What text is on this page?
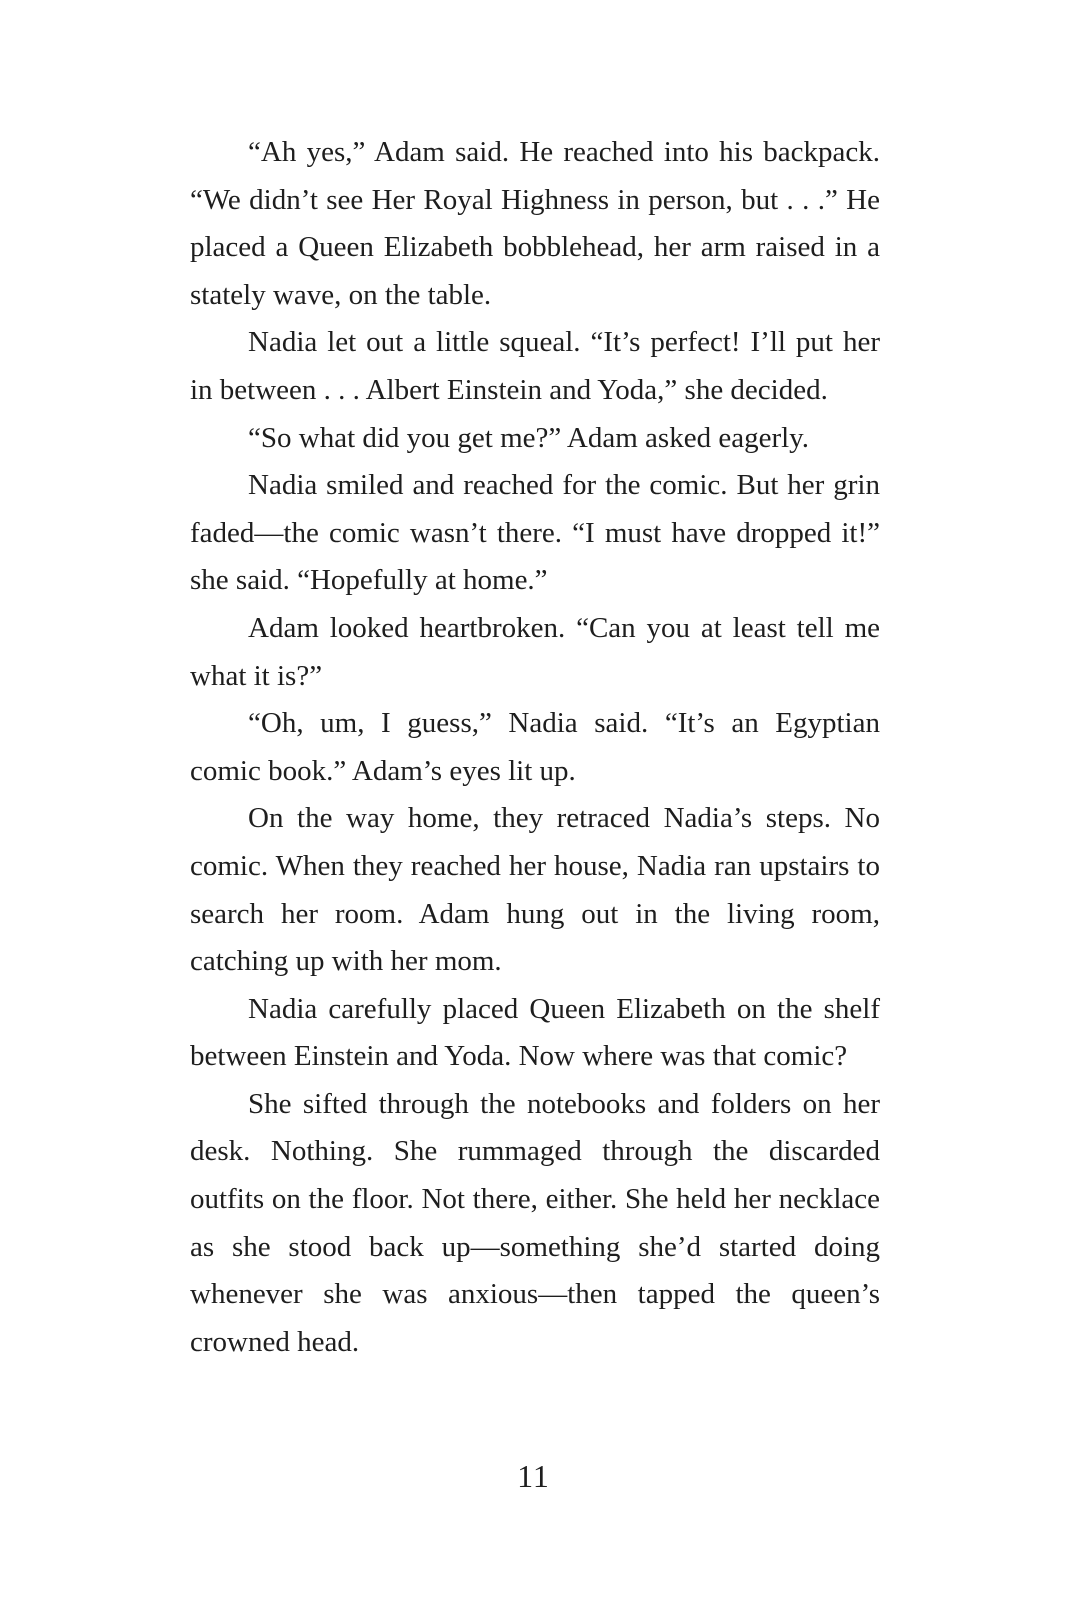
“Ah yes,” Adam said. He reached into his backpack. “We didn’t see Her Royal Highness in person, but . . .” He placed a Queen Elizabeth bobblehead, her arm raised in a stately wave, on the table.

Nadia let out a little squeal. “It’s perfect! I’ll put her in between . . . Albert Einstein and Yoda,” she decided.

“So what did you get me?” Adam asked eagerly.

Nadia smiled and reached for the comic. But her grin faded—the comic wasn’t there. “I must have dropped it!” she said. “Hopefully at home.”

Adam looked heartbroken. “Can you at least tell me what it is?”

“Oh, um, I guess,” Nadia said. “It’s an Egyptian comic book.” Adam’s eyes lit up.

On the way home, they retraced Nadia’s steps. No comic. When they reached her house, Nadia ran upstairs to search her room. Adam hung out in the living room, catching up with her mom.

Nadia carefully placed Queen Elizabeth on the shelf between Einstein and Yoda. Now where was that comic?

She sifted through the notebooks and folders on her desk. Nothing. She rummaged through the discarded outfits on the floor. Not there, either. She held her necklace as she stood back up—something she’d started doing whenever she was anxious—then tapped the queen’s crowned head.

11
